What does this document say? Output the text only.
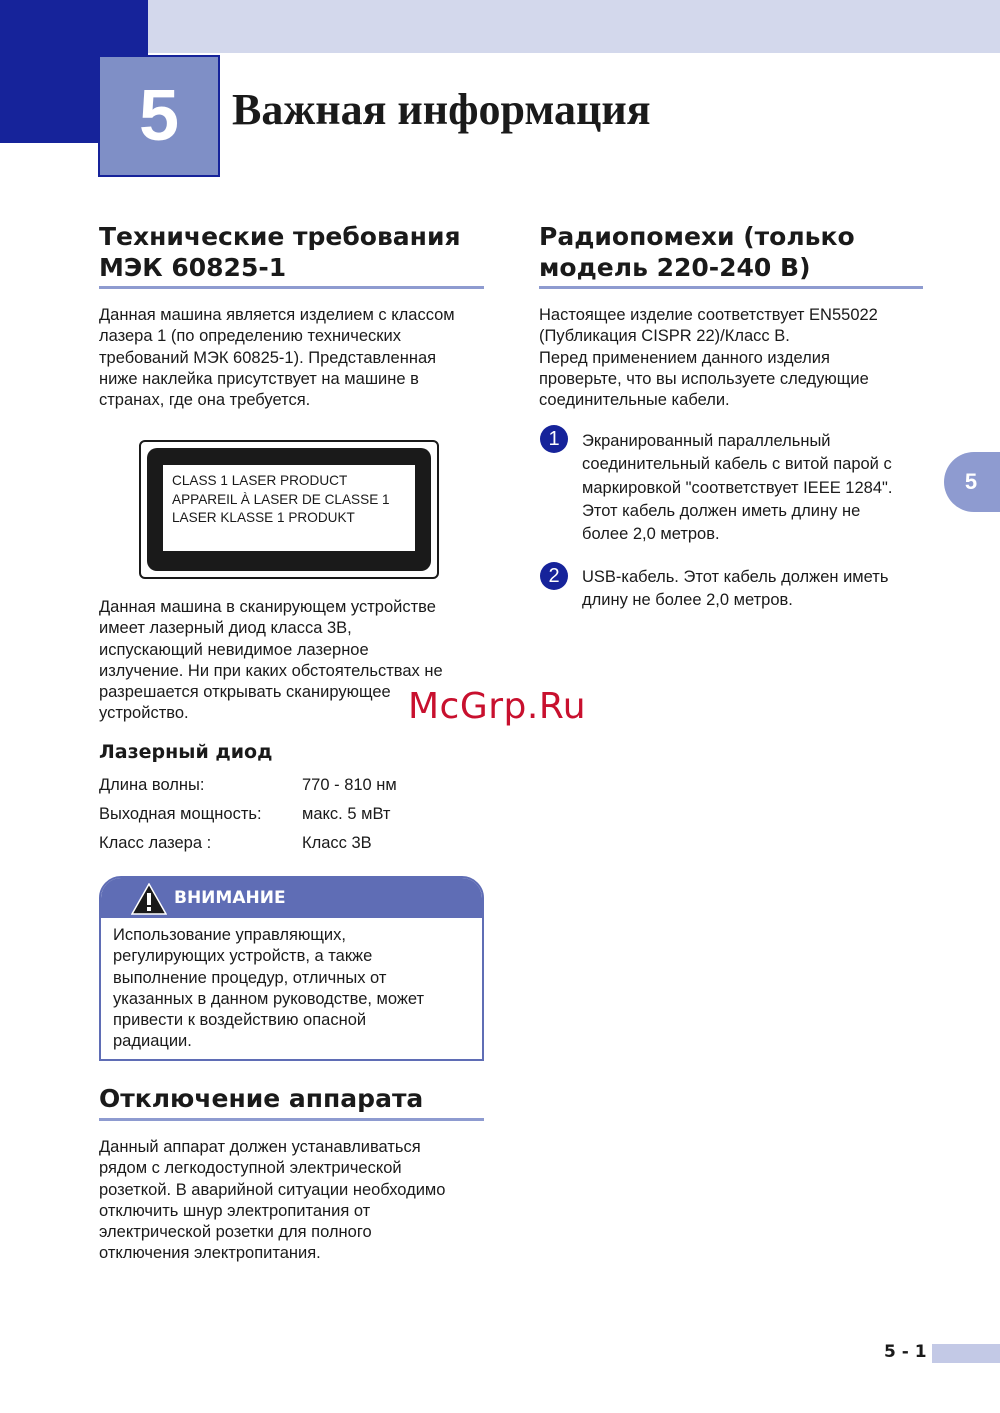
5 Важная информация
Технические требования
МЭК 60825-1
Данная машина является изделием с классом
лазера 1 (по определению технических
требований МЭК 60825-1). Представленная
ниже наклейка присутствует на машине в
странах, где она требуется.
CLASS 1 LASER PRODUCT
APPAREIL À LASER DE CLASSE 1
LASER KLASSE 1 PRODUKT
Данная машина в сканирующем устройстве
имеет лазерный диод класса 3B,
испускающий невидимое лазерное
излучение. Ни при каких обстоятельствах не
разрешается открывать сканирующее
устройство.
Лазерный диод
Длина волны:	770 - 810 нм
Выходная мощность: макс. 5 мВт
Класс лазера :	Класс 3B
ВНИМАНИЕ
Использование управляющих,
регулирующих устройств, а также
выполнение процедур, отличных от
указанных в данном руководстве, может
привести к воздействию опасной
радиации.
Отключение аппарата
Данный аппарат должен устанавливаться
рядом с легкодоступной электрической
розеткой. В аварийной ситуации необходимо
отключить шнур электропитания от
электрической розетки для полного
отключения электропитания.
Радиопомехи (только
модель 220-240 В)
Настоящее изделие соответствует EN55022
(Публикация CISPR 22)/Класс B.
Перед применением данного изделия
проверьте, что вы используете следующие
соединительные кабели.
1	Экранированный параллельный
соединительный кабель с витой парой с
маркировкой "соответствует IEEE 1284".
Этот кабель должен иметь длину не
более 2,0 метров.
2	USB-кабель. Этот кабель должен иметь
длину не более 2,0 метров.
5
McGrp.Ru
5 - 1
